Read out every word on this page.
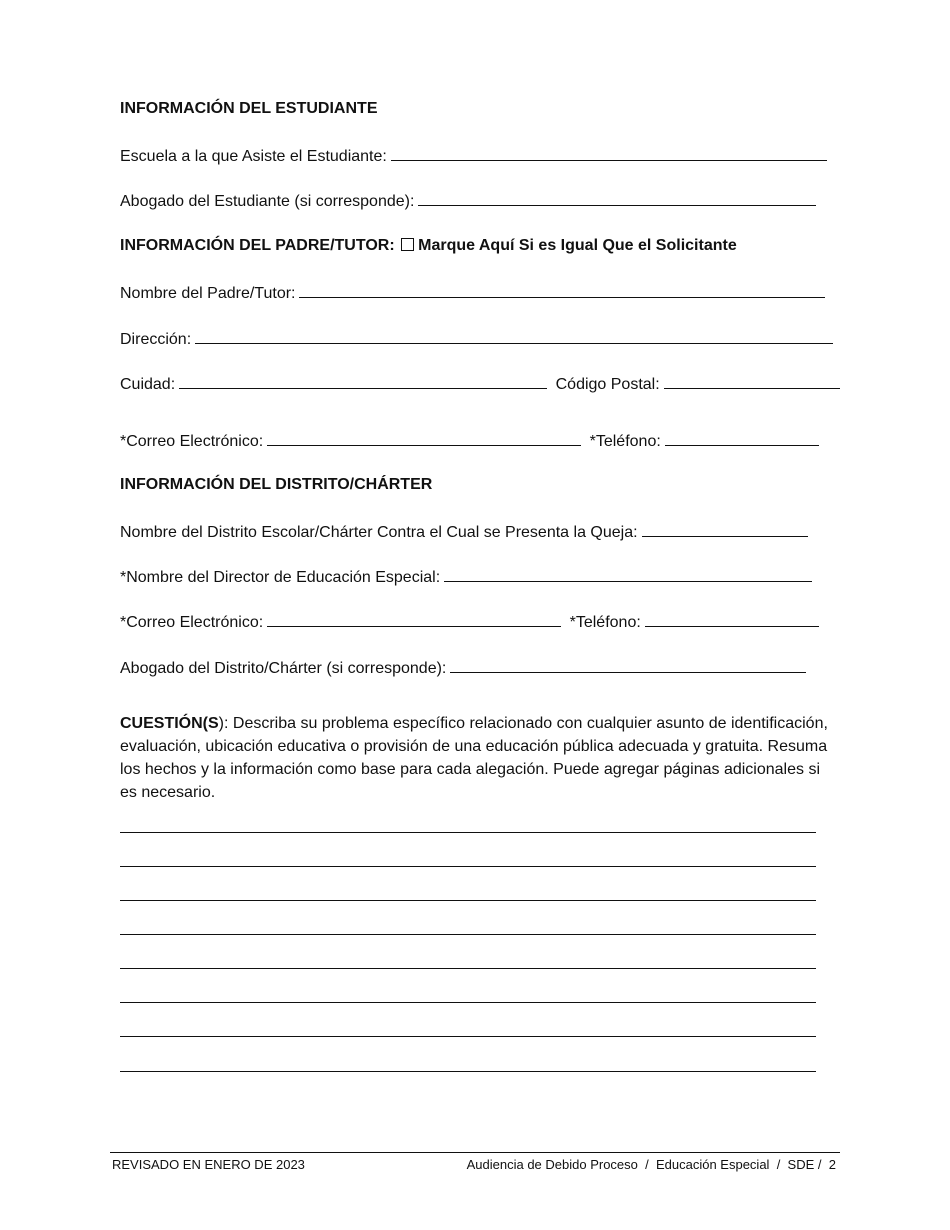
INFORMACIÓN DEL ESTUDIANTE
Escuela a la que Asiste el Estudiante:
Abogado del Estudiante (si corresponde):
INFORMACIÓN DEL PADRE/TUTOR: Marque Aquí Si es Igual Que el Solicitante
Nombre del Padre/Tutor:
Dirección:
Cuidad:	Código Postal:
*Correo Electrónico:	*Teléfono:
INFORMACIÓN DEL DISTRITO/CHÁRTER
Nombre del Distrito Escolar/Chárter Contra el Cual se Presenta la Queja:
*Nombre del Director de Educación Especial:
*Correo Electrónico:	*Teléfono:
Abogado del Distrito/Chárter (si corresponde):
CUESTIÓN(S): Describa su problema específico relacionado con cualquier asunto de identificación, evaluación, ubicación educativa o provisión de una educación pública adecuada y gratuita. Resuma los hechos y la información como base para cada alegación. Puede agregar páginas adicionales si es necesario.
REVISADO EN ENERO DE 2023	Audiencia de Debido Proceso / Educación Especial / SDE / 2
